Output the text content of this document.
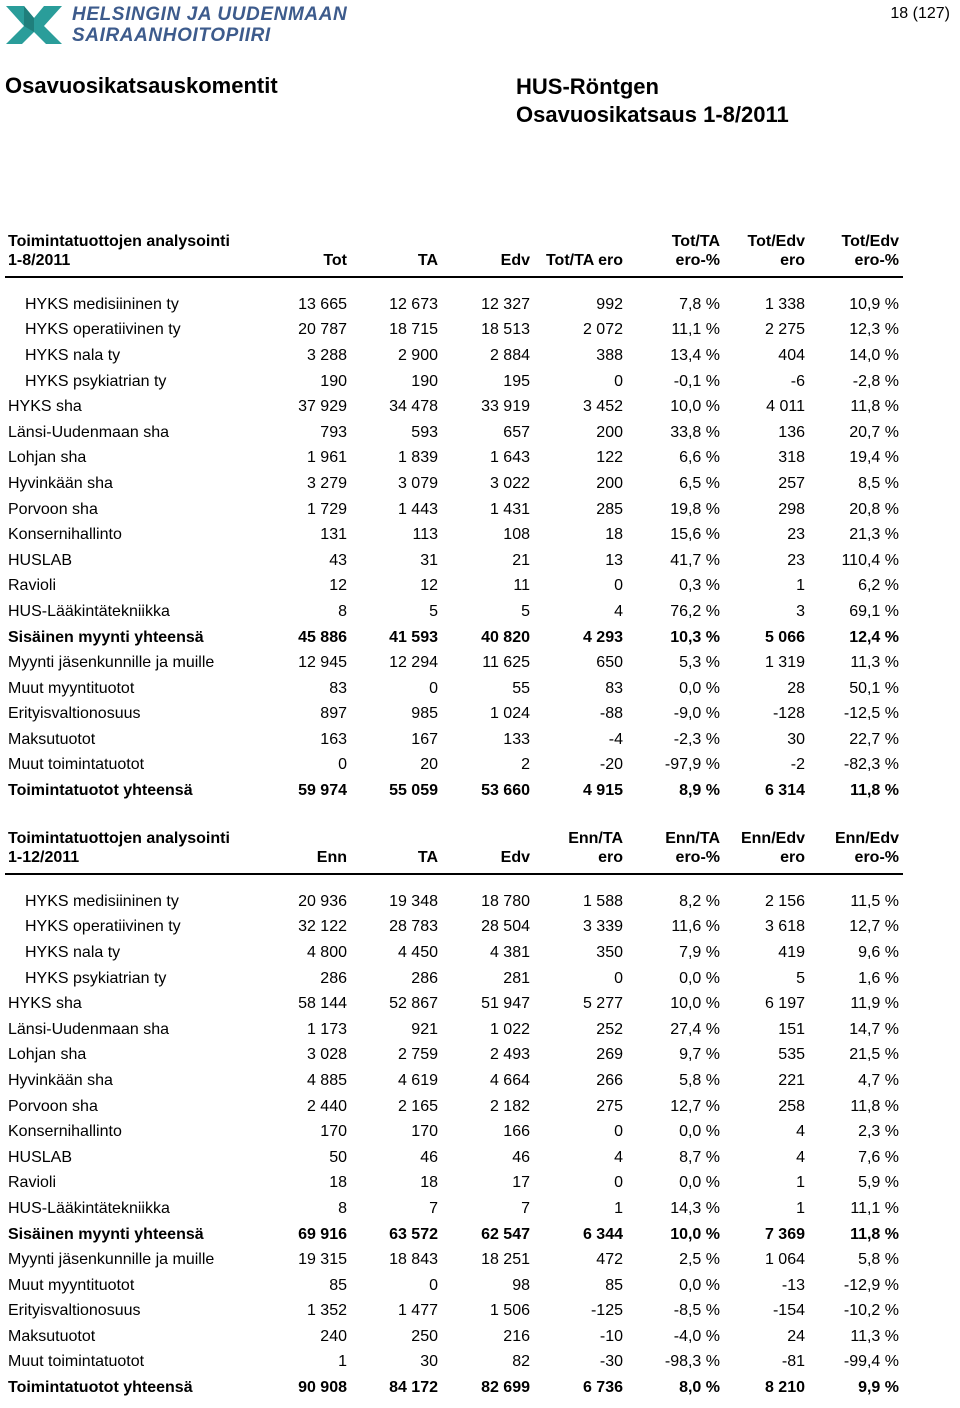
HELSINGIN JA UUDENMAAN
SAIRAANHOITOPIIRI
18 (127)
Osavuosikatsauskomentit	HUS-Röntgen
Osavuosikatsaus 1-8/2011
Toimintatuottojen analysointi					Tot/TA	Tot/Edv	Tot/Edv
1-8/2011	Tot	TA	Edv	Tot/TA ero	ero-%	ero	ero-%

HYKS medisiininen ty	13 665	12 673	12 327	992	7,8 %	1 338	10,9 %
HYKS operatiivinen ty	20 787	18 715	18 513	2 072	11,1 %	2 275	12,3 %
HYKS nala ty	3 288	2 900	2 884	388	13,4 %	404	14,0 %
HYKS psykiatrian ty	190	190	195	0	-0,1 %	-6	-2,8 %
HYKS sha	37 929	34 478	33 919	3 452	10,0 %	4 011	11,8 %
Länsi-Uudenmaan sha	793	593	657	200	33,8 %	136	20,7 %
Lohjan sha	1 961	1 839	1 643	122	6,6 %	318	19,4 %
Hyvinkään sha	3 279	3 079	3 022	200	6,5 %	257	8,5 %
Porvoon sha	1 729	1 443	1 431	285	19,8 %	298	20,8 %
Konsernihallinto	131	113	108	18	15,6 %	23	21,3 %
HUSLAB	43	31	21	13	41,7 %	23	110,4 %
Ravioli	12	12	11	0	0,3 %	1	6,2 %
HUS-Lääkintätekniikka	8	5	5	4	76,2 %	3	69,1 %
Sisäinen myynti yhteensä	45 886	41 593	40 820	4 293	10,3 %	5 066	12,4 %
Myynti jäsenkunnille ja muille	12 945	12 294	11 625	650	5,3 %	1 319	11,3 %
Muut myyntituotot	83	0	55	83	0,0 %	28	50,1 %
Erityisvaltionosuus	897	985	1 024	-88	-9,0 %	-128	-12,5 %
Maksutuotot	163	167	133	-4	-2,3 %	30	22,7 %
Muut toimintatuotot	0	20	2	-20	-97,9 %	-2	-82,3 %
Toimintatuotot yhteensä	59 974	55 059	53 660	4 915	8,9 %	6 314	11,8 %
Toimintatuottojen analysointi				Enn/TA	Enn/TA	Enn/Edv	Enn/Edv
1-12/2011	Enn	TA	Edv	ero	ero-%	ero	ero-%

HYKS medisiininen ty	20 936	19 348	18 780	1 588	8,2 %	2 156	11,5 %
HYKS operatiivinen ty	32 122	28 783	28 504	3 339	11,6 %	3 618	12,7 %
HYKS nala ty	4 800	4 450	4 381	350	7,9 %	419	9,6 %
HYKS psykiatrian ty	286	286	281	0	0,0 %	5	1,6 %
HYKS sha	58 144	52 867	51 947	5 277	10,0 %	6 197	11,9 %
Länsi-Uudenmaan sha	1 173	921	1 022	252	27,4 %	151	14,7 %
Lohjan sha	3 028	2 759	2 493	269	9,7 %	535	21,5 %
Hyvinkään sha	4 885	4 619	4 664	266	5,8 %	221	4,7 %
Porvoon sha	2 440	2 165	2 182	275	12,7 %	258	11,8 %
Konsernihallinto	170	170	166	0	0,0 %	4	2,3 %
HUSLAB	50	46	46	4	8,7 %	4	7,6 %
Ravioli	18	18	17	0	0,0 %	1	5,9 %
HUS-Lääkintätekniikka	8	7	7	1	14,3 %	1	11,1 %
Sisäinen myynti yhteensä	69 916	63 572	62 547	6 344	10,0 %	7 369	11,8 %
Myynti jäsenkunnille ja muille	19 315	18 843	18 251	472	2,5 %	1 064	5,8 %
Muut myyntituotot	85	0	98	85	0,0 %	-13	-12,9 %
Erityisvaltionosuus	1 352	1 477	1 506	-125	-8,5 %	-154	-10,2 %
Maksutuotot	240	250	216	-10	-4,0 %	24	11,3 %
Muut toimintatuotot	1	30	82	-30	-98,3 %	-81	-99,4 %
Toimintatuotot yhteensä	90 908	84 172	82 699	6 736	8,0 %	8 210	9,9 %
